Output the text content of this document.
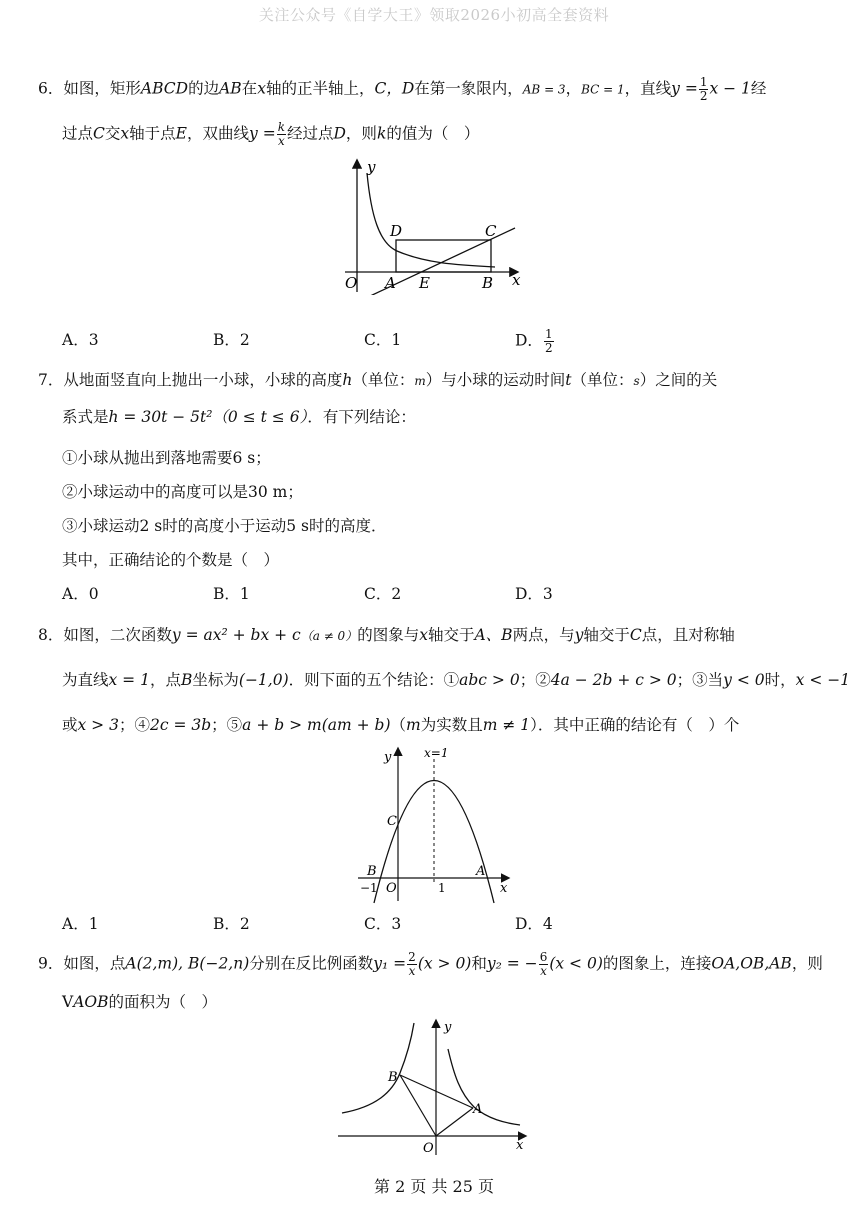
关注公众号《自学大王》领取2026小初高全套资料
6．如图，矩形ABCD的边AB在x轴的正半轴上，C，D在第一象限内，AB = 3，BC = 1，直线$y = \frac{1}{2}$ x − 1经
过点C交x轴于点E，双曲线$y = \frac{k}{x}$ 经过点D，则k的值为（　）
y
x
O A E	B
D	C
A．3	B．2	C．1	D． $\frac{1}{2}$
7．从地面竖直向上抛出一小球，小球的高度h（单位：m）与小球的运动时间t（单位：s）之间的关
系式是h = 30t − 5t²（0 ≤ t ≤ 6）．有下列结论：
①小球从抛出到落地需要6 s；
②小球运动中的高度可以是30 m；
③小球运动2 s时的高度小于运动5 s时的高度．
其中，正确结论的个数是（　）
A．0	B．1	C．2	D．3
8．如图，二次函数y = ax² + bx + c（a ≠ 0）的图象与x轴交于A、B两点，与y轴交于C点，且对称轴
为直线x = 1，点B坐标为(−1,0)．则下面的五个结论：①abc > 0；②4a − 2b + c > 0；③当y < 0时，x < −1
或x > 3；④2c = 3b；⑤a + b > m(am + b)（m为实数且m ≠ 1）．其中正确的结论有（　）个
y	x=1
C
B	A
−1 O	1	x
A．1	B．2	C．3	D．4
9．如图，点A(2,m), B(−2,n)分别在反比例函数$y_1 = \frac{2}{x} (x > 0)$和y₂ = − $\frac{6}{x} (x < 0)$的图象上，连接OA,OB,AB，则
VAOB的面积为（　）
y
B
A
O	x
第 2 页 共 25 页
